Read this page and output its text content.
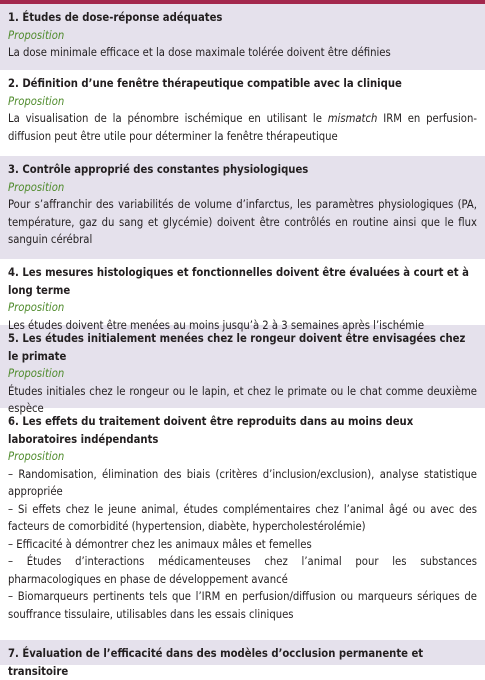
1. Études de dose-réponse adéquates
Proposition
La dose minimale efficace et la dose maximale tolérée doivent être définies
2. Définition d’une fenêtre thérapeutique compatible avec la clinique
Proposition
La visualisation de la pénombre ischémique en utilisant le mismatch IRM en perfusion-diffusion peut être utile pour déterminer la fenêtre thérapeutique
3. Contrôle approprié des constantes physiologiques
Proposition
Pour s’affranchir des variabilités de volume d’infarctus, les paramètres physiologiques (PA, température, gaz du sang et glycémie) doivent être contrôlés en routine ainsi que le flux sanguin cérébral
4. Les mesures histologiques et fonctionnelles doivent être évaluées à court et à long terme
Proposition
Les études doivent être menées au moins jusqu’à 2 à 3 semaines après l’ischémie
5. Les études initialement menées chez le rongeur doivent être envisagées chez le primate
Proposition
Études initiales chez le rongeur ou le lapin, et chez le primate ou le chat comme deuxième espèce
6. Les effets du traitement doivent être reproduits dans au moins deux laboratoires indépendants
Proposition
– Randomisation, élimination des biais (critères d’inclusion/exclusion), analyse statistique appropriée
– Si effets chez le jeune animal, études complémentaires chez l’animal âgé ou avec des facteurs de comorbidité (hypertension, diabète, hypercholestérolémie)
– Efficacité à démontrer chez les animaux mâles et femelles
– Études d’interactions médicamenteuses chez l’animal pour les substances pharmacologiques en phase de développement avancé
– Biomarqueurs pertinents tels que l’IRM en perfusion/diffusion ou marqueurs sériques de souffrance tissulaire, utilisables dans les essais cliniques
7. Évaluation de l’efficacité dans des modèles d’occlusion permanente et transitoire
